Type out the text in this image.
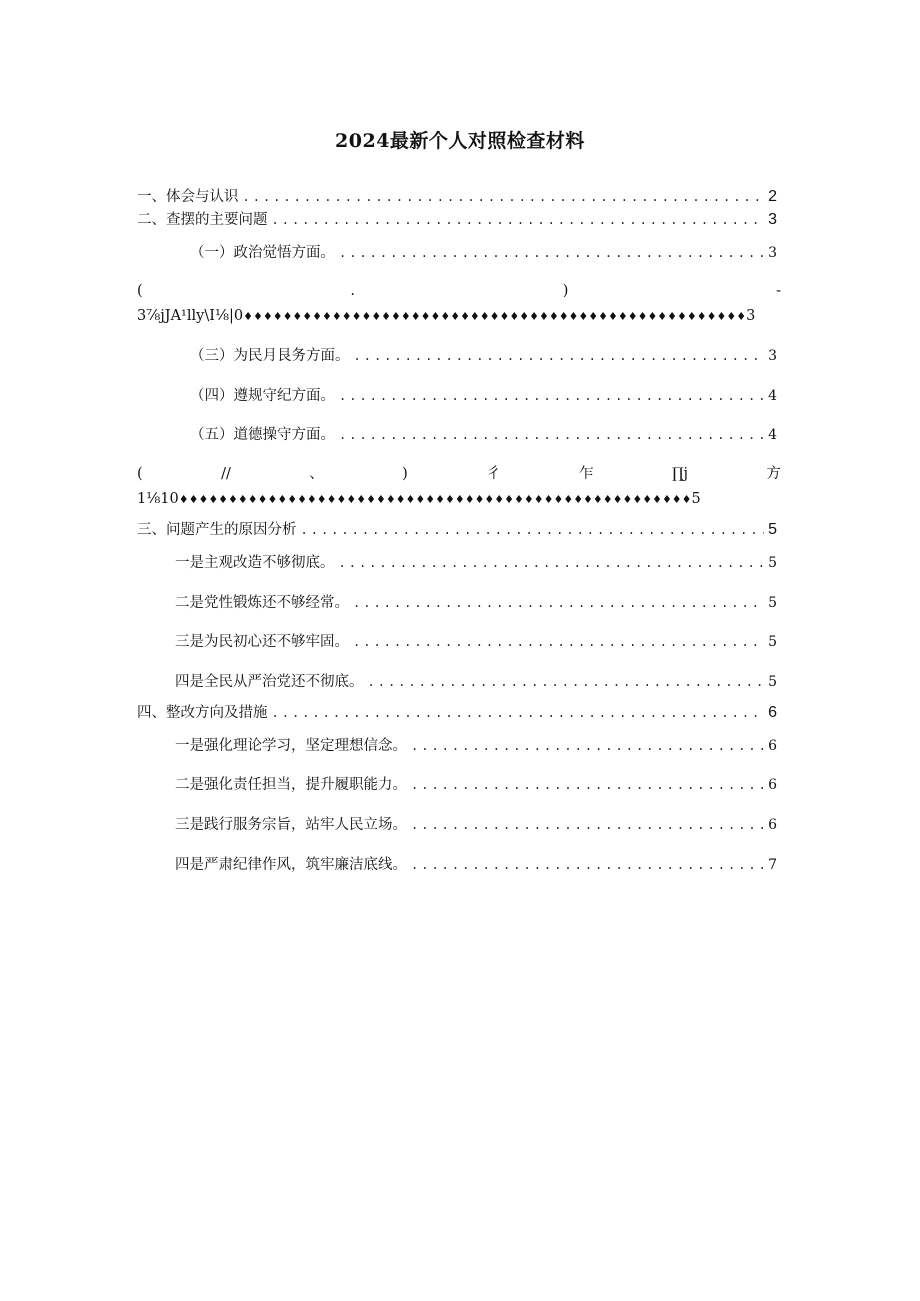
2024最新个人对照检查材料
一、体会与认识 .....	2
二、查摆的主要问题 .....	3
（一）政治觉悟方面。 .....	3
(	.	)	-
3⅞jJA¹lly\I⅛|0♦♦♦♦♦♦♦♦♦♦♦♦♦♦♦♦♦♦♦♦♦♦♦♦♦♦♦♦♦♦♦♦♦♦♦♦♦♦♦♦♦♦♦♦♦♦♦♦♦♦♦3
（三）为民月艮务方面。 .....	3
（四）遵规守纪方面。 .....	4
（五）道德操守方面。 .....	4
(	//	、	)	彳	乍	∏j	方
1⅛10♦♦♦♦♦♦♦♦♦♦♦♦♦♦♦♦♦♦♦♦♦♦♦♦♦♦♦♦♦♦♦♦♦♦♦♦♦♦♦♦♦♦♦♦♦♦♦♦♦♦♦♦5
三、问题产生的原因分析 .....	5
一是主观改造不够彻底。 .....	5
二是党性锻炼还不够经常。 .....	5
三是为民初心还不够牢固。 .....	5
四是全民从严治党还不彻底。 .....	5
四、整改方向及措施 .....	6
一是强化理论学习，坚定理想信念。 .....	6
二是强化责任担当，提升履职能力。 .....	6
三是践行服务宗旨，站牢人民立场。 .....	6
四是严肃纪律作风，筑牢廉洁底线。 .....	7
